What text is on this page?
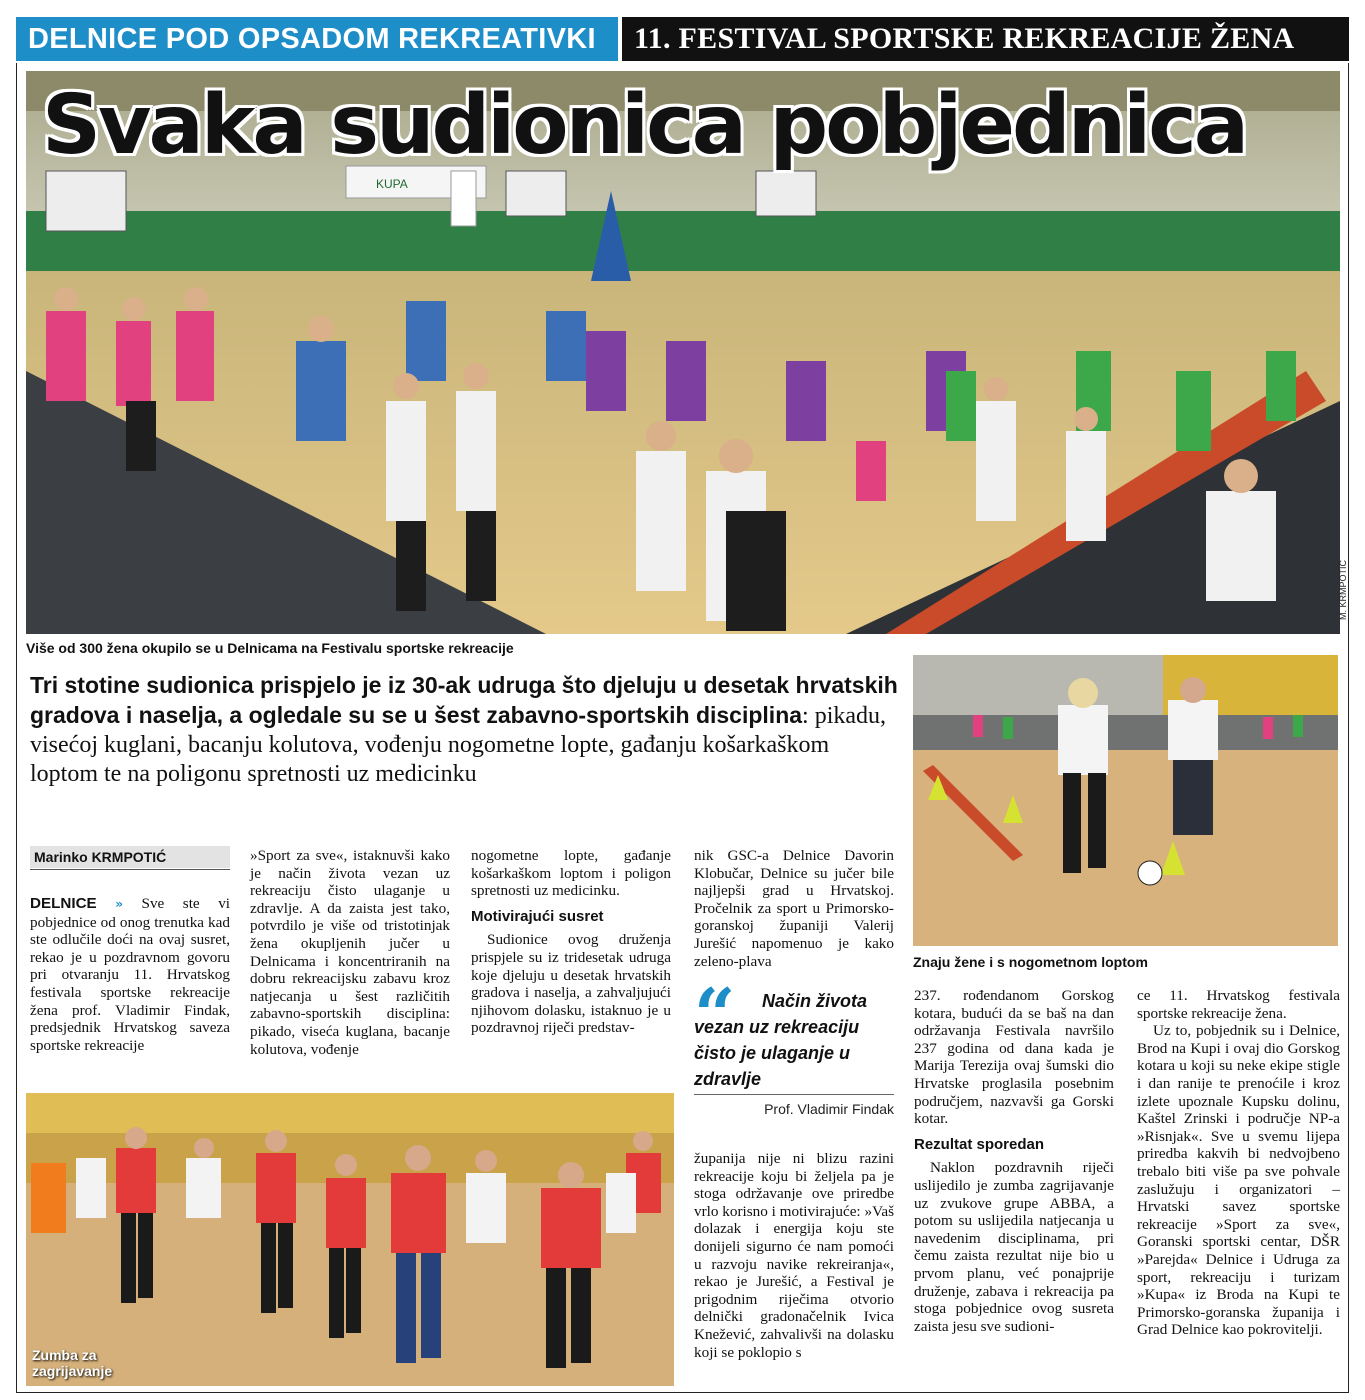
DELNICE POD OPSADOM REKREATIVKI	11. FESTIVAL SPORTSKE REKREACIJE ŽENA
KUPA
Svaka sudionica pobjednica
M. KRMPOTIĆ
Više od 300 žena okupilo se u Delnicama na Festivalu sportske rekreacije
Tri stotine sudionica prispjelo je iz 30-ak udruga što djeluju u desetak hrvatskih gradova i naselja, a ogledale su se u šest zabavno-sportskih disciplina: pikadu, visećoj kuglani, bacanju kolutova, vođenju nogometne lopte, gađanju košarkaškom loptom te na poligonu spretnosti uz medicinku
Znaju žene i s nogometnom loptom
Zumba za zagrijavanje
Marinko KRMPOTIĆ

DELNICE » Sve ste vi pobjednice od onog trenutka kad ste odlučile doći na ovaj susret, rekao je u pozdravnom govoru pri otvaranju 11. Hrvatskog festivala sportske rekreacije žena prof. Vladimir Findak, predsjednik Hrvatskog saveza sportske rekreacije

»Sport za sve«, istaknuvši kako je način života vezan uz rekreaciju čisto ulaganje u zdravlje. A da zaista jest tako, potvrdilo je više od tristotinjak žena okupljenih jučer u Delnicama i koncentriranih na dobru rekreacijsku zabavu kroz natjecanja u šest različitih zabavno-sportskih disciplina: pikado, viseća kuglana, bacanje kolutova, vođenje

nogometne lopte, gađanje košarkaškom loptom i poligon spretnosti uz medicinku.

Motivirajući susret

Sudionice ovog druženja prispjele su iz tridesetak udruga koje djeluju u desetak hrvatskih gradova i naselja, a zahvaljujući njihovom dolasku, istaknuo je u pozdravnoj riječi predstav-

nik GSC-a Delnice Davorin Klobučar, Delnice su jučer bile najljepši grad u Hrvatskoj. Pročelnik za sport u Primorsko-goranskoj županiji Valerij Jurešić napomenuo je kako zeleno-plava

“	Način života vezan uz rekreaciju čisto je ulaganje u zdravlje
Prof. Vladimir Findak

županija nije ni blizu razini rekreacije koju bi željela pa je stoga održavanje ove priredbe vrlo korisno i motivirajuće: »Vaš dolazak i energija koju ste donijeli sigurno će nam pomoći u razvoju navike rekreiranja«, rekao je Jurešić, a Festival je prigodnim riječima otvorio delnički gradonačelnik Ivica Knežević, zahvalivši na dolasku koji se poklopio s

237. rođendanom Gorskog kotara, budući da se baš na dan održavanja Festivala navršilo 237 godina od dana kada je Marija Terezija ovaj šumski dio Hrvatske proglasila posebnim područjem, nazvavši ga Gorski kotar.

Rezultat sporedan

Naklon pozdravnih riječi uslijedilo je zumba zagrijavanje uz zvukove grupe ABBA, a potom su uslijedila natjecanja u navedenim disciplinama, pri čemu zaista rezultat nije bio u prvom planu, već ponajprije druženje, zabava i rekreacija pa stoga pobjednice ovog susreta zaista jesu sve sudioni-

ce 11. Hrvatskog festivala sportske rekreacije žena.

Uz to, pobjednik su i Delnice, Brod na Kupi i ovaj dio Gorskog kotara u koji su neke ekipe stigle i dan ranije te prenoćile i kroz izlete upoznale Kupsku dolinu, Kaštel Zrinski i područje NP-a »Risnjak«. Sve u svemu lijepa priredba kakvih bi nedvojbeno trebalo biti više pa sve pohvale zaslužuju i organizatori – Hrvatski savez sportske rekreacije »Sport za sve«, Goranski sportski centar, DŠR »Parejda« Delnice i Udruga za sport, rekreaciju i turizam »Kupa« iz Broda na Kupi te Primorsko-goranska županija i Grad Delnice kao pokrovitelji.
